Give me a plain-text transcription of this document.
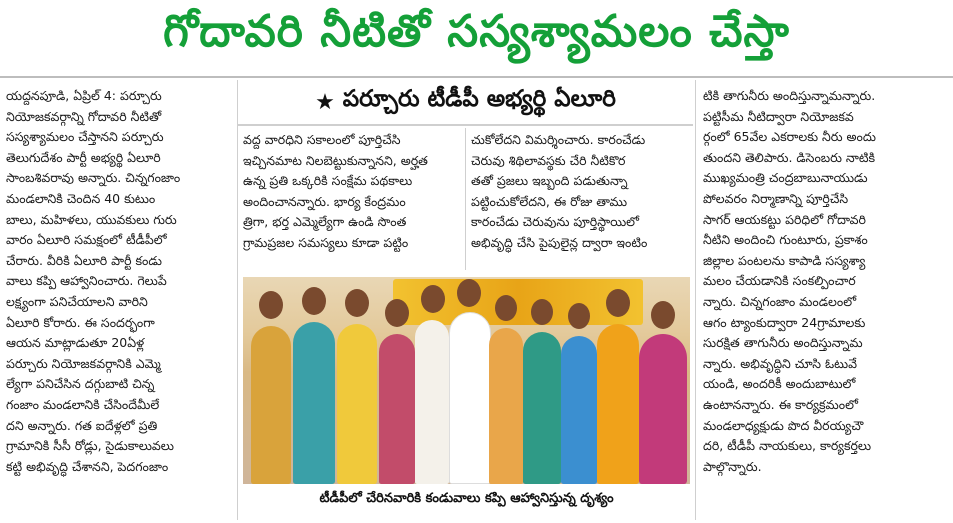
గోదావరి నీటితో సస్యశ్యామలం చేస్తా
★ పర్చూరు టీడీపీ అభ్యర్థి ఏలూరి
యద్దనపూడి, ఏప్రిల్ 4: పర్చూరు
నియోజకవర్గాన్ని గోదావరి నీటితో
సస్యశ్యామలం చేస్తానని పర్చూరు
తెలుగుదేశం పార్టీ అభ్యర్థి ఏలూరి
సాంబశివరావు అన్నారు. చిన్నగంజాం
మండలానికి చెందిన 40 కుటుం
బాలు, మహిళలు, యువకులు గురు
వారం ఏలూరి సమక్షంలో టీడీపీలో
చేరారు. వీరికి ఏలూరి పార్టీ కండు
వాలు కప్పి ఆహ్వానించారు. గెలుపే
లక్ష్యంగా పనిచేయాలని వారిని
ఏలూరి కోరారు. ఈ సందర్భంగా
ఆయన మాట్లాడుతూ 20ఏళ్ల
పర్చూరు నియోజకవర్గానికి ఎమ్మె
ల్యేగా పనిచేసిన దగ్గుబాటి చిన్న
గంజాం మండలానికి చేసిందేమీలే
దని అన్నారు. గత ఐదేళ్లలో ప్రతి
గ్రామానికి సీసీ రోడ్లు, సైడుకాలువలు
కట్టి అభివృద్ధి చేశానని, పెదగంజాం
వద్ద వారధిని సకాలంలో పూర్తిచేసి
ఇచ్చినమాట నిలబెట్టుకున్నానని, అర్హత
ఉన్న ప్రతి ఒక్కరికి సంక్షేమ పథకాలు
అందించానన్నారు. భార్య కేంద్రమం
త్రిగా, భర్త ఎమ్మెల్యేగా ఉండి సొంత
గ్రామప్రజల సమస్యలు కూడా పట్టిం
చుకోలేదని విమర్శించారు. కారంచేడు
చెరువు శిథిలావస్థకు చేరి నీటికొర
తతో ప్రజలు ఇబ్బంది పడుతున్నా
పట్టించుకోలేదని, ఈ రోజు తాము
కారంచేడు చెరువును పూర్తిస్థాయిలో
అభివృద్ధి చేసి పైపులైన్ల ద్వారా ఇంటిం
టీడీపీలో చేరినవారికి కండువాలు కప్పి ఆహ్వానిస్తున్న దృశ్యం
టికి తాగునీరు అందిస్తున్నామన్నారు.
పట్టిసీమ నీటిద్వారా నియోజకవ
ర్గంలో 65వేల ఎకరాలకు నీరు అందు
తుందని తెలిపారు. డిసెంబరు నాటికి
ముఖ్యమంత్రి చంద్రబాబునాయుడు
పోలవరం నిర్మాణాన్ని పూర్తిచేసి
సాగర్ ఆయకట్టు పరిధిలో గోదావరి
నీటిని అందించి గుంటూరు, ప్రకాశం
జిల్లాల పంటలను కాపాడి సస్యశ్యా
మలం చేయడానికి సంకల్పించార
న్నారు. చిన్నగంజాం మండలంలో
ఆగం ట్యాంకుద్వారా 24గ్రామాలకు
సురక్షిత తాగునీరు అందిస్తున్నామ
న్నారు. అభివృద్ధిని చూసి ఓటువే
యండి, అందరికీ అందుబాటులో
ఉంటానన్నారు. ఈ కార్యక్రమంలో
మండలాధ్యక్షుడు పొద వీరయ్యచౌ
దరి, టీడీపీ నాయకులు, కార్యకర్తలు
పాల్గొన్నారు.
